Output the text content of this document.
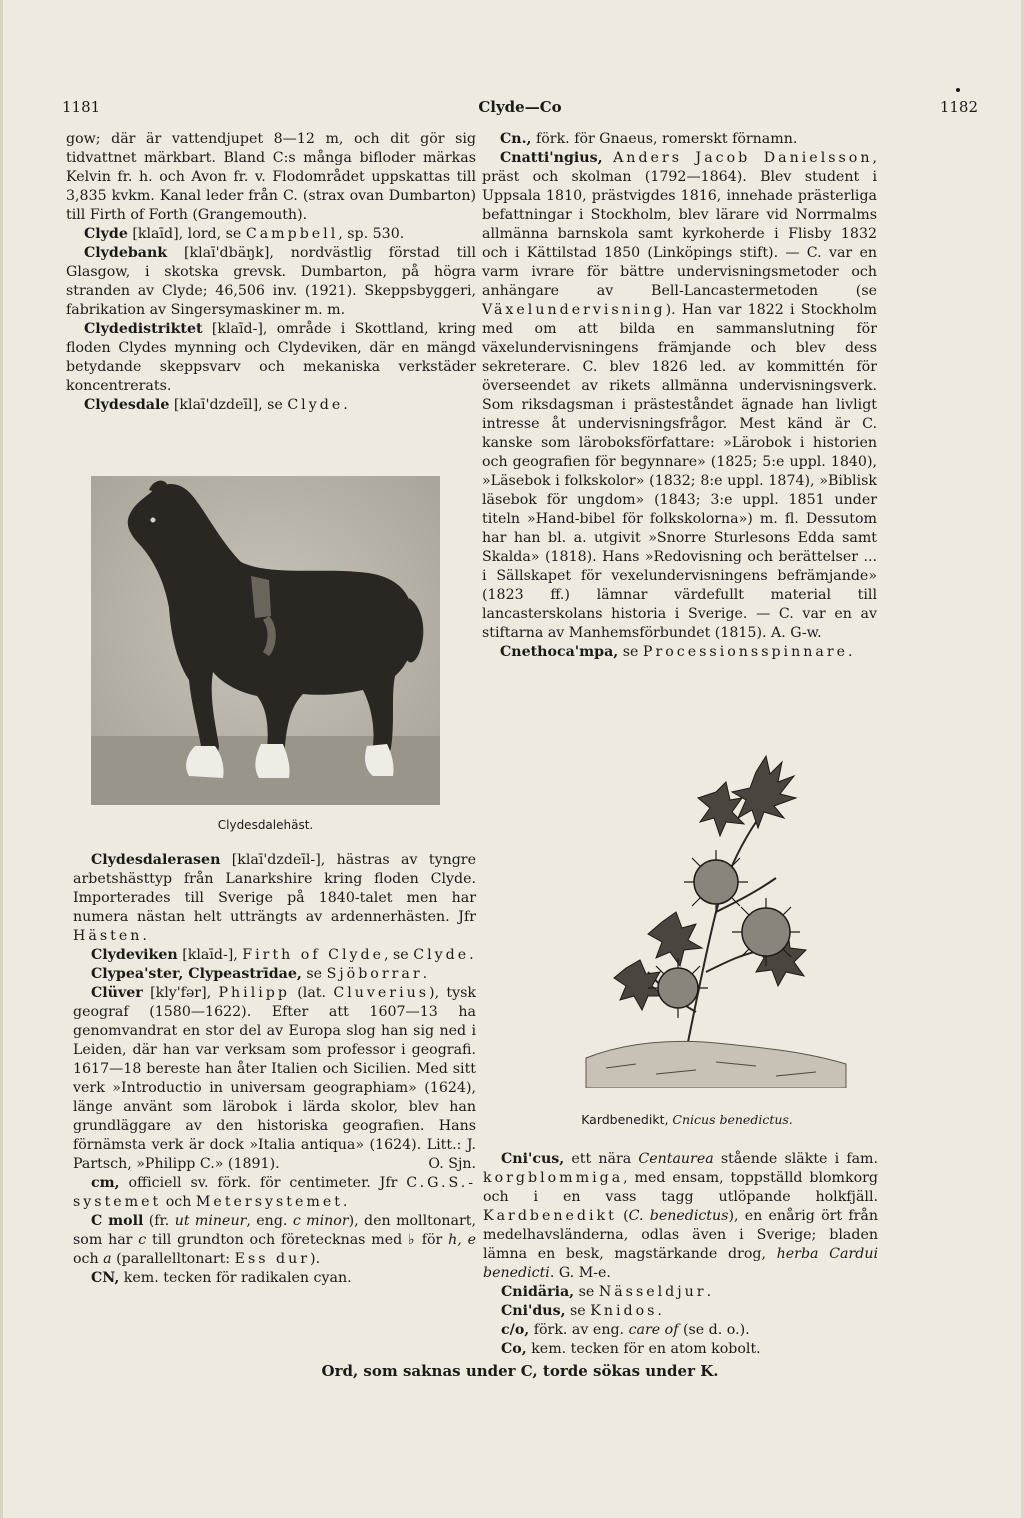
1181	Clyde—Co	1182

gow; där är vattendjupet 8—12 m, och dit gör sig tidvattnet märkbart. Bland C:s många bifloder märkas Kelvin fr. h. och Avon fr. v. Flodområdet uppskattas till 3,835 kvkm. Kanal leder från C. (strax ovan Dumbarton) till Firth of Forth (Grangemouth).

Clyde [klaīd], lord, se Campbell, sp. 530.

Clydebank [klaī'dbäŋk], nordvästlig förstad till Glasgow, i skotska grevsk. Dumbarton, på högra stranden av Clyde; 46,506 inv. (1921). Skeppsbyggeri, fabrikation av Singersymaskiner m. m.

Clydedistriktet [klaīd-], område i Skottland, kring floden Clydes mynning och Clydeviken, där en mängd betydande skeppsvarv och mekaniska verkstäder koncentrerats.

Clydesdale [klaī'dzdeīl], se Clyde.

Clydesdalehäst.

Clydesdalerasen [klaī'dzdeīl-], hästras av tyngre arbetshästtyp från Lanarkshire kring floden Clyde. Importerades till Sverige på 1840-talet men har numera nästan helt utträngts av ardennerhästen. Jfr Hästen.

Clydeviken [klaīd-], Firth of Clyde, se Clyde.

Clypea'ster, Clypeastrīdae, se Sjöborrar.

Clüver [kly'fər], Philipp (lat. Cluverius), tysk geograf (1580—1622). Efter att 1607—13 ha genomvandrat en stor del av Europa slog han sig ned i Leiden, där han var verksam som professor i geografi. 1617—18 bereste han åter Italien och Sicilien. Med sitt verk »Introductio in universam geographiam» (1624), länge använt som lärobok i lärda skolor, blev han grundläggare av den historiska geografien. Hans förnämsta verk är dock »Italia antiqua» (1624). Litt.: J. Partsch, »Philipp C.» (1891).	O. Sjn.

cm, officiell sv. förk. för centimeter. Jfr C.G.S.-systemet och Metersystemet.

C moll (fr. ut mineur, eng. c minor), den molltonart, som har c till grundton och företecknas med ♭ för h, e och a (parallelltonart: Ess dur).

CN, kem. tecken för radikalen cyan.

Cn., förk. för Gnaeus, romerskt förnamn.

Cnatti'ngius, Anders Jacob Danielsson, präst och skolman (1792—1864). Blev student i Uppsala 1810, prästvigdes 1816, innehade prästerliga befattningar i Stockholm, blev lärare vid Norrmalms allmänna barnskola samt kyrkoherde i Flisby 1832 och i Kättilstad 1850 (Linköpings stift). — C. var en varm ivrare för bättre undervisningsmetoder och anhängare av Bell-Lancastermetoden (se Växelundervisning). Han var 1822 i Stockholm med om att bilda en sammanslutning för växelundervisningens främjande och blev dess sekreterare. C. blev 1826 led. av kommittén för överseendet av rikets allmänna undervisningsverk. Som riksdagsman i prästeståndet ägnade han livligt intresse åt undervisningsfrågor. Mest känd är C. kanske som läroboksförfattare: »Lärobok i historien och geografien för begynnare» (1825; 5:e uppl. 1840), »Läsebok i folkskolor» (1832; 8:e uppl. 1874), »Biblisk läsebok för ungdom» (1843; 3:e uppl. 1851 under titeln »Hand-bibel för folkskolorna») m. fl. Dessutom har han bl. a. utgivit »Snorre Sturlesons Edda samt Skalda» (1818). Hans »Redovisning och berättelser ... i Sällskapet för vexelundervisningens befrämjande» (1823 ff.) lämnar värdefullt material till lancasterskolans historia i Sverige. — C. var en av stiftarna av Manhemsförbundet (1815). A. G-w.

Cnethoca'mpa, se Processionsspinnare.

Kardbenedikt, Cnicus benedictus.

Cni'cus, ett nära Centaurea stående släkte i fam. korgblommiga, med ensam, toppställd blomkorg och i en vass tagg utlöpande holkfjäll. Kardbenedikt (C. benedictus), en enårig ört från medelhavsländerna, odlas även i Sverige; bladen lämna en besk, magstärkande drog, herba Cardui benedicti. G. M-e.

Cnidäria, se Nässeldjur.

Cni'dus, se Knidos.

c/o, förk. av eng. care of (se d. o.).

Co, kem. tecken för en atom kobolt.

Ord, som saknas under C, torde sökas under K.
